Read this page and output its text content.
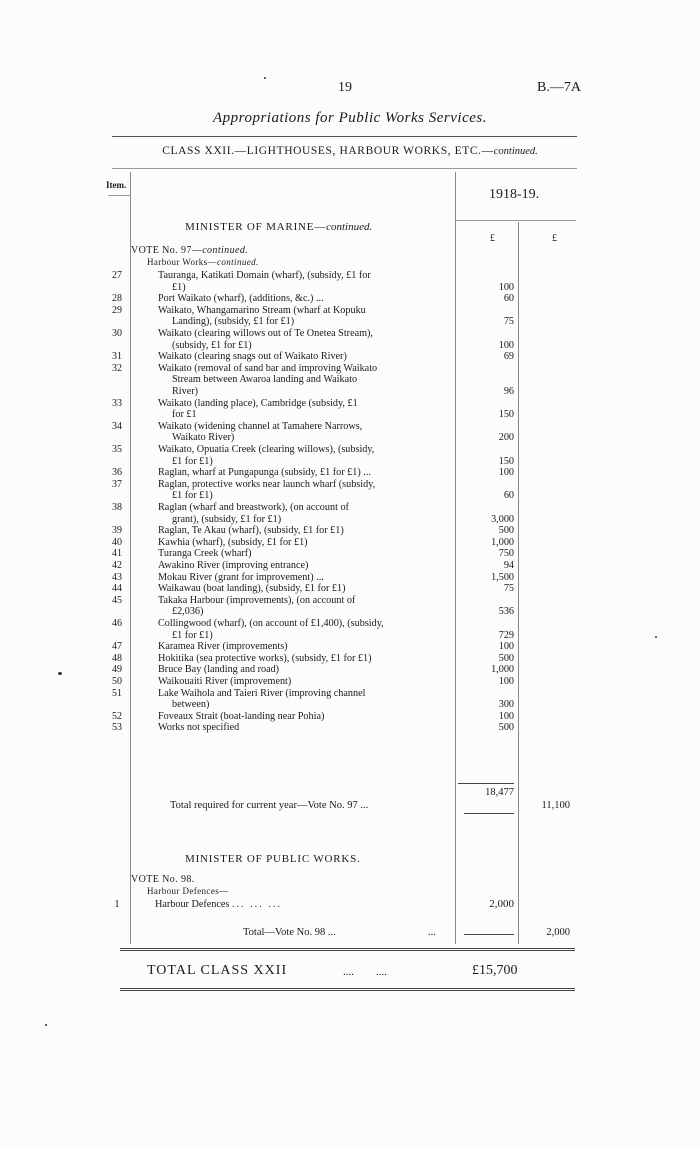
19	B.—7A
Appropriations for Public Works Services.
CLASS XXII.—LIGHTHOUSES, HARBOUR WORKS, ETC.—continued.
Item.
1918-19.
£	£
MINISTER OF MARINE—continued.
VOTE No. 97—continued.
Harbour Works—continued.
27	Tauranga, Katikati Domain (wharf), (subsidy, £1 for
£1)	100
28	Port Waikato (wharf), (additions, &c.) ...	60
29	Waikato, Whangamarino Stream (wharf at Kopuku
Landing), (subsidy, £1 for £1)	75
30	Waikato (clearing willows out of Te Onetea Stream),
(subsidy, £1 for £1)	100
31	Waikato (clearing snags out of Waikato River)	69
32	Waikato (removal of sand bar and improving Waikato
Stream between Awaroa landing and Waikato
River)	96
33	Waikato (landing place), Cambridge (subsidy, £1
for £1	150
34	Waikato (widening channel at Tamahere Narrows,
Waikato River)	200
35	Waikato, Opuatia Creek (clearing willows), (subsidy,
£1 for £1)	150
36	Raglan, wharf at Pungapunga (subsidy, £1 for £1) ...	100
37	Raglan, protective works near launch wharf (subsidy,
£1 for £1)	60
38	Raglan (wharf and breastwork), (on account of
grant), (subsidy, £1 for £1)	3,000
39	Raglan, Te Akau (wharf), (subsidy, £1 for £1)	500
40	Kawhia (wharf), (subsidy, £1 for £1)	1,000
41	Turanga Creek (wharf)	750
42	Awakino River (improving entrance)	94
43	Mokau River (grant for improvement) ...	1,500
44	Waikawau (boat landing), (subsidy, £1 for £1)	75
45	Takaka Harbour (improvements), (on account of
£2,036)	536
46	Collingwood (wharf), (on account of £1,400), (subsidy,
£1 for £1)	729
47	Karamea River (improvements)	100
48	Hokitika (sea protective works), (subsidy, £1 for £1)	500
49	Bruce Bay (landing and road)	1,000
50	Waikouaiti River (improvement)	100
51	Lake Waihola and Taieri River (improving channel
between)	300
52	Foveaux Strait (boat-landing near Pohia)	100
53	Works not specified	500
18,477
Total required for current year—Vote No. 97 ...	11,100
MINISTER OF PUBLIC WORKS.
VOTE No. 98.
Harbour Defences—
1	Harbour Defences ... ... ...	2,000
Total—Vote No. 98 ...	...	2,000
TOTAL CLASS XXII	....        ....	£15,700
